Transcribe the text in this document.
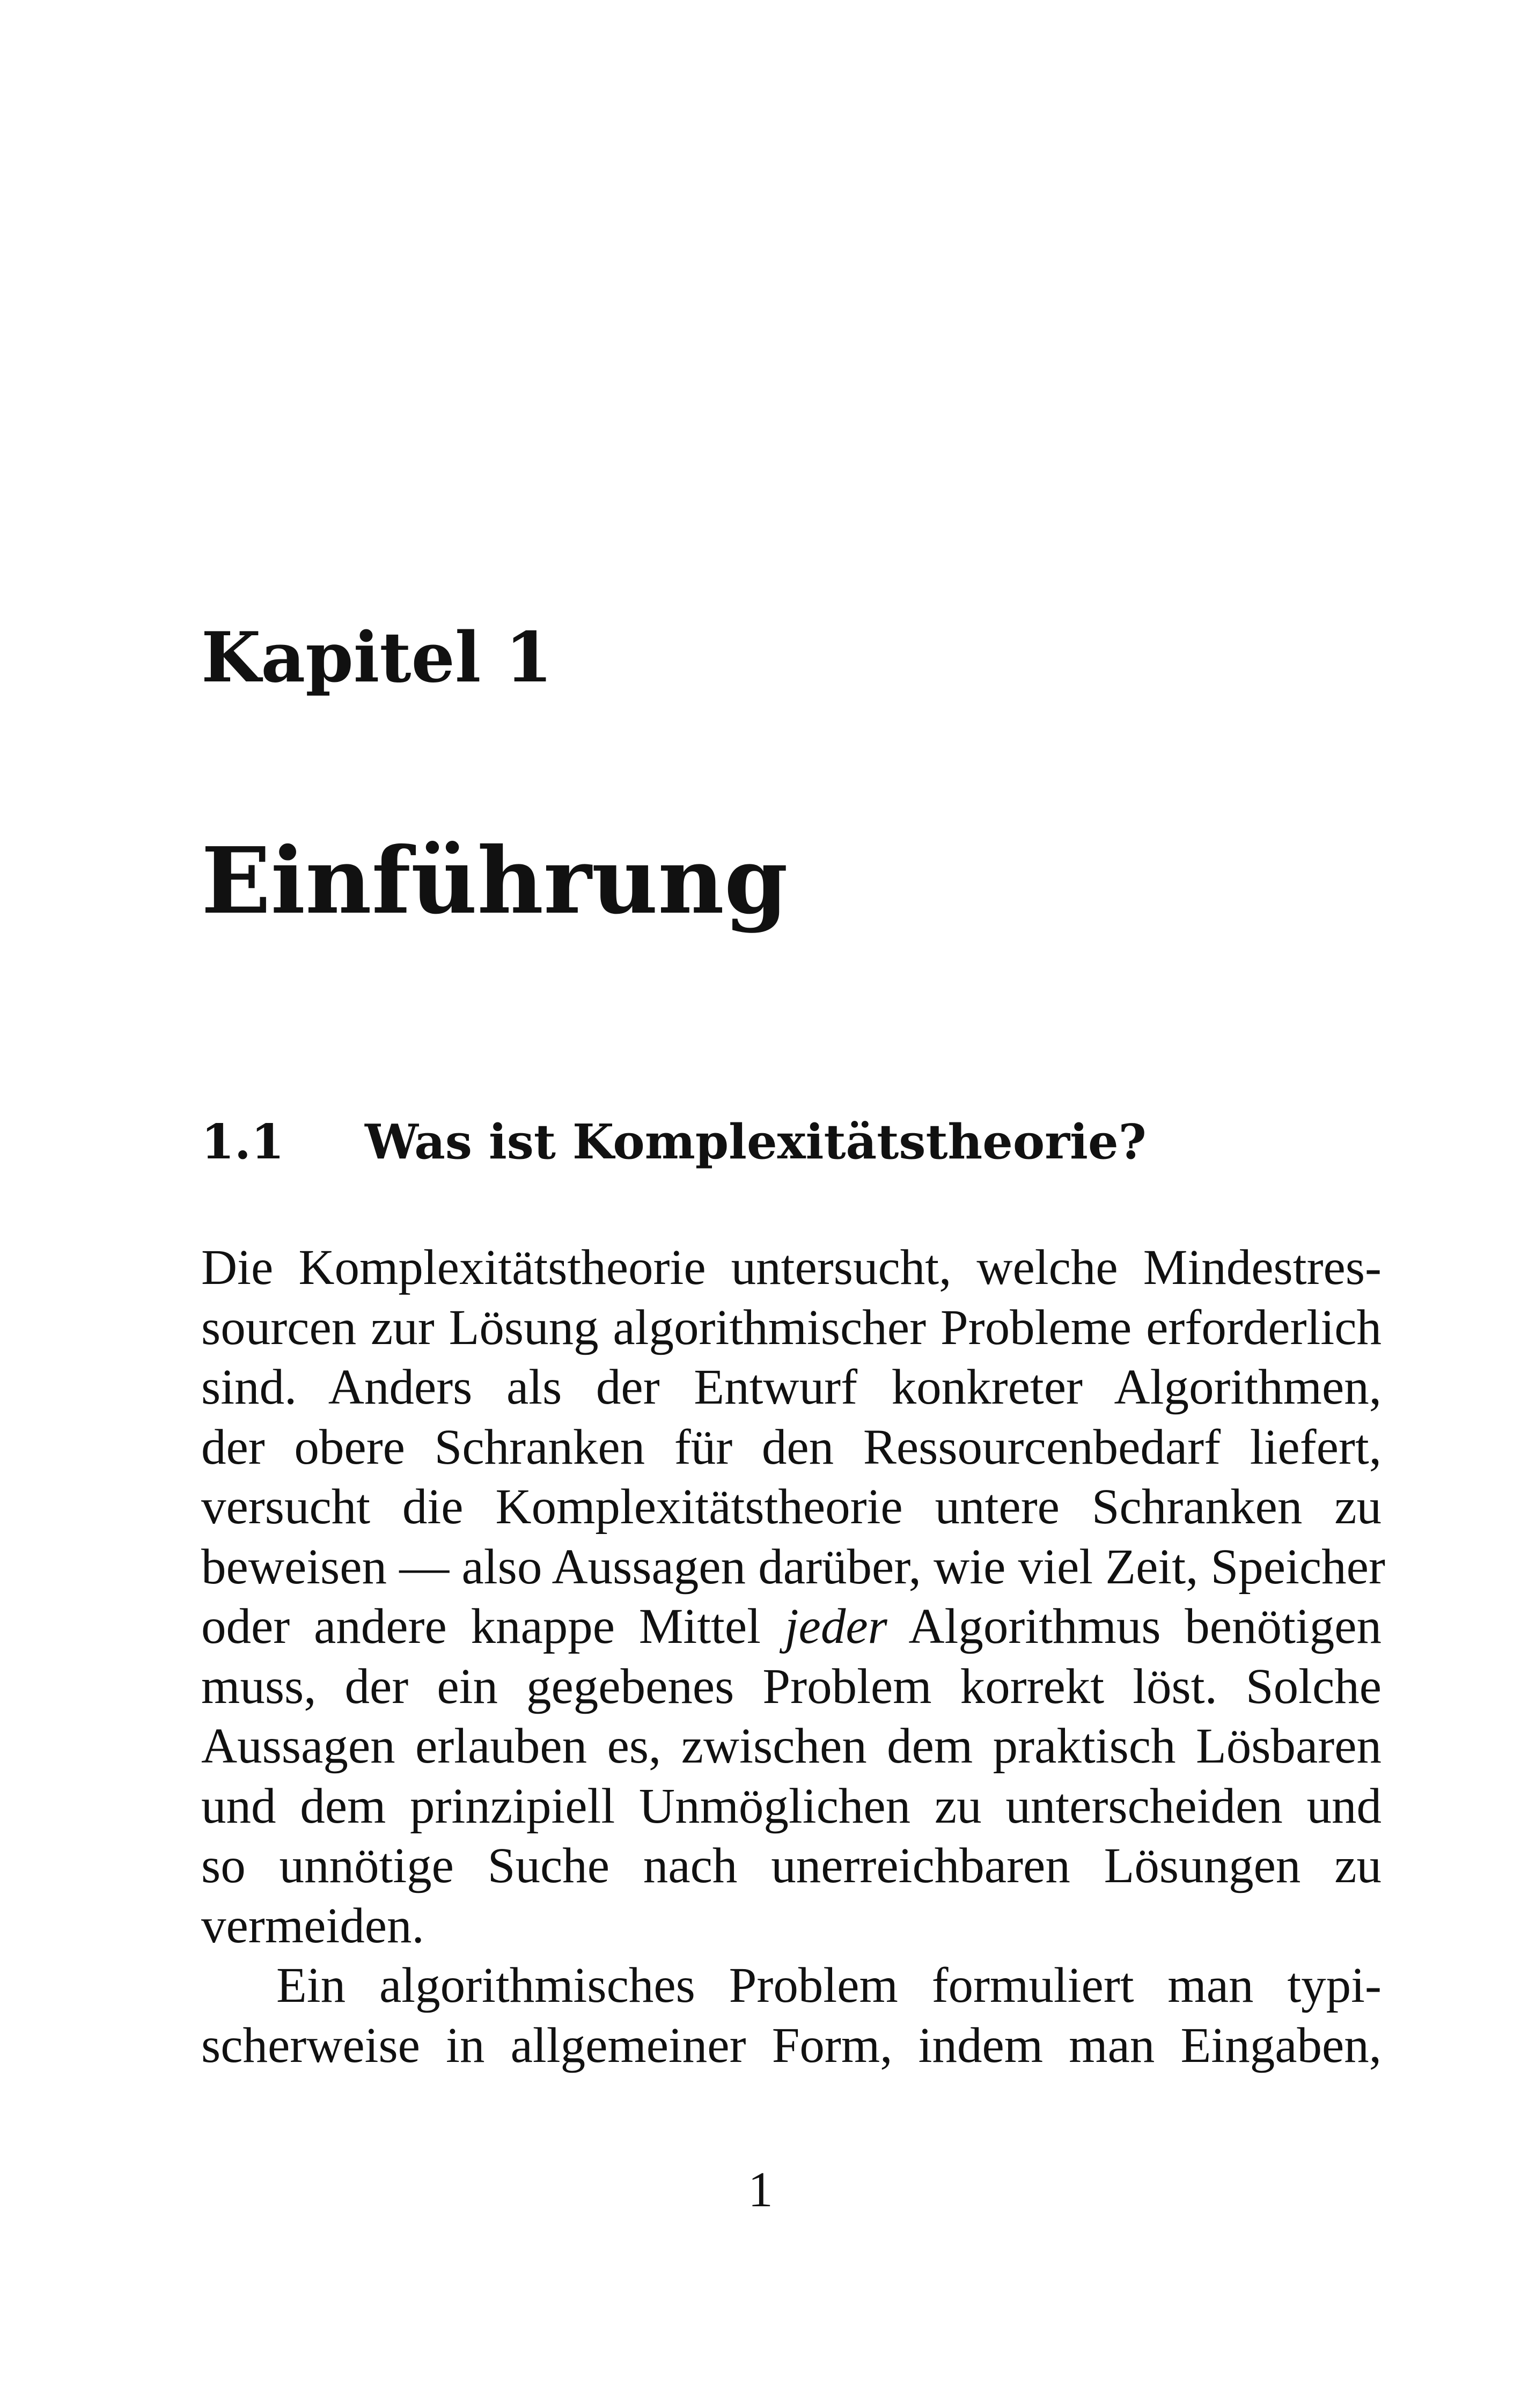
Kapitel 1
Einführung
1.1 Was ist Komplexitätstheorie?
Die Komplexitätstheorie untersucht, welche Mindestres-
sourcen zur Lösung algorithmischer Probleme erforderlich
sind. Anders als der Entwurf konkreter Algorithmen,
der obere Schranken für den Ressourcenbedarf liefert,
versucht die Komplexitätstheorie untere Schranken zu
beweisen — also Aussagen darüber, wie viel Zeit, Speicher
oder andere knappe Mittel jeder Algorithmus benötigen
muss, der ein gegebenes Problem korrekt löst. Solche
Aussagen erlauben es, zwischen dem praktisch Lösbaren
und dem prinzipiell Unmöglichen zu unterscheiden und
so unnötige Suche nach unerreichbaren Lösungen zu
vermeiden.
Ein algorithmisches Problem formuliert man typi-
scherweise in allgemeiner Form, indem man Eingaben,
1
